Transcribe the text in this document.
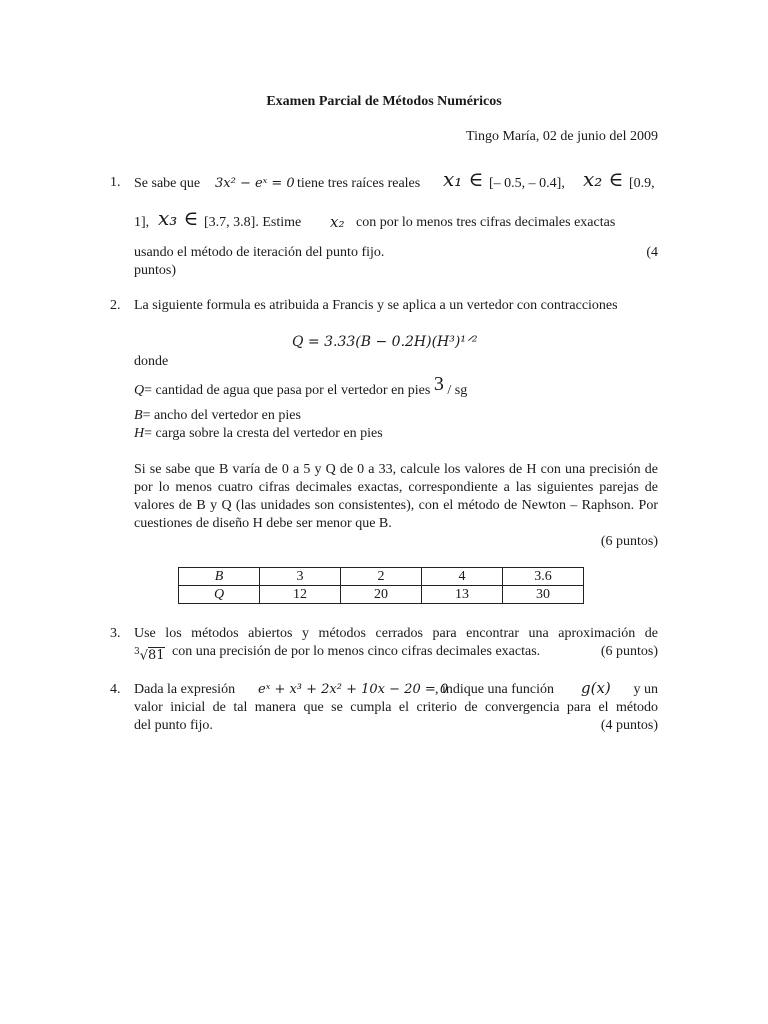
Examen Parcial de Métodos Numéricos
Tingo María, 02 de junio del 2009
1. Se sabe que 3x² − eˣ = 0 tiene tres raíces reales x₁ ∈ [– 0.5, – 0.4], x₂ ∈ [0.9,
1], x₃ ∈ [3.7, 3.8]. Estime x₂ con por lo menos tres cifras decimales exactas
usando el método de iteración del punto fijo.	(4
puntos)
2. La siguiente formula es atribuida a Francis y se aplica a un vertedor con contracciones
Q = 3.33(B − 0.2H)(H³)¹ᐟ²
donde
Q= cantidad de agua que pasa por el vertedor en pies 3 / sg
B= ancho del vertedor en pies
H= carga sobre la cresta del vertedor en pies
Si se sabe que B varía de 0 a 5 y Q de 0 a 33, calcule los valores de H con una precisión de por lo menos cuatro cifras decimales exactas, correspondiente a las siguientes parejas de valores de B y Q (las unidades son consistentes), con el método de Newton – Raphson. Por cuestiones de diseño H debe ser menor que B.
(6 puntos)
B	3	2	4	3.6
Q	12	20	13	30
3. Use los métodos abiertos y métodos cerrados para encontrar una aproximación de
$^3$√81 con una precisión de por lo menos cinco cifras decimales exactas.	(6 puntos)
4. Dada la expresión eˣ + x³ + 2x² + 10x − 20 = 0
, indique una función g(x) y un
valor inicial de tal manera que se cumpla el criterio de convergencia para el método
del punto fijo.	(4 puntos)
